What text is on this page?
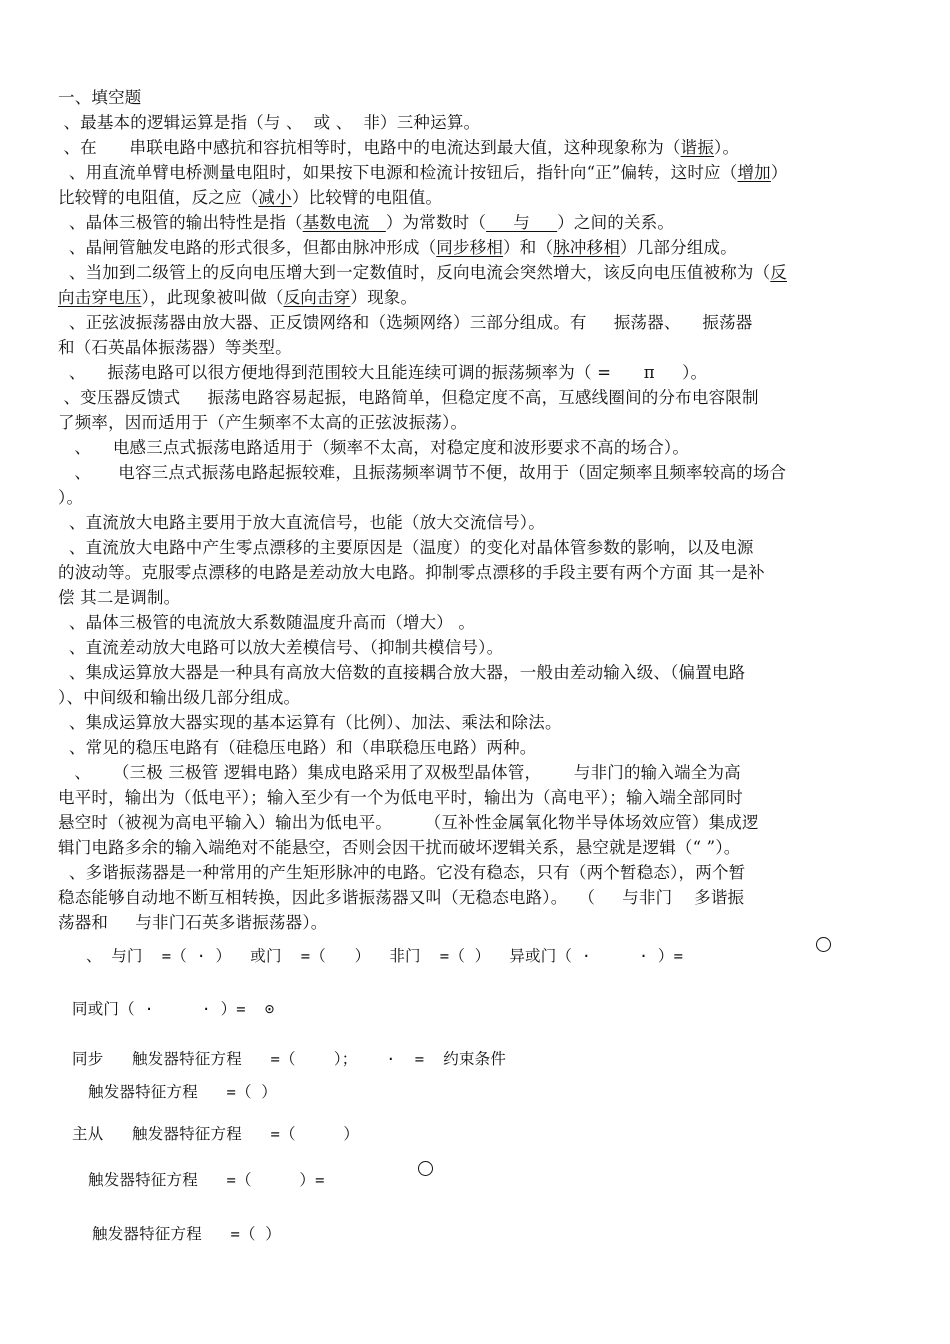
一、填空题
、最基本的逻辑运算是指（与 、  或 、  非）三种运算。
、在      串联电路中感抗和容抗相等时，电路中的电流达到最大值，这种现象称为（谐振）。
、用直流单臂电桥测量电阻时，如果按下电源和检流计按钮后，指针向“正”偏转，这时应（增加）
比较臂的电阻值，反之应（减小）比较臂的电阻值。
、晶体三极管的输出特性是指（基数电流   ）为常数时（     与     ）之间的关系。
、晶闸管触发电路的形式很多，但都由脉冲形成（同步移相）和（脉冲移相）几部分组成。
、当加到二级管上的反向电压增大到一定数值时，反向电流会突然增大，该反向电压值被称为（反
向击穿电压），此现象被叫做（反向击穿）现象。
、正弦波振荡器由放大器、正反馈网络和（选频网络）三部分组成。有     振荡器、    振荡器
和（石英晶体振荡器）等类型。
、    振荡电路可以很方便地得到范围较大且能连续可调的振荡频率为（ =      π     ）。
、变压器反馈式     振荡电路容易起振，电路简单，但稳定度不高，互感线圈间的分布电容限制
了频率，因而适用于（产生频率不太高的正弦波振荡）。
、    电感三点式振荡电路适用于（频率不太高，对稳定度和波形要求不高的场合）。
、     电容三点式振荡电路起振较难，且振荡频率调节不便，故用于（固定频率且频率较高的场合
）。
、直流放大电路主要用于放大直流信号，也能（放大交流信号）。
、直流放大电路中产生零点漂移的主要原因是（温度）的变化对晶体管参数的影响，以及电源
的波动等。克服零点漂移的电路是差动放大电路。抑制零点漂移的手段主要有两个方面 其一是补
偿 其二是调制。
、晶体三极管的电流放大系数随温度升高而（增大） 。
、直流差动放大电路可以放大差模信号、（抑制共模信号）。
、集成运算放大器是一种具有高放大倍数的直接耦合放大器，一般由差动输入级、（偏置电路
）、中间级和输出级几部分组成。
、集成运算放大器实现的基本运算有（比例）、加法、乘法和除法。
、常见的稳压电路有（硅稳压电路）和（串联稳压电路）两种。
、    （三极 三极管 逻辑电路）集成电路采用了双极型晶体管，      与非门的输入端全为高
电平时，输出为（低电平）；输入至少有一个为低电平时，输出为（高电平）；输入端全部同时
悬空时（被视为高电平输入）输出为低电平。      （互补性金属氧化物半导体场效应管）集成逻
辑门电路多余的输入端绝对不能悬空，否则会因干扰而破坏逻辑关系，悬空就是逻辑（“ ”）。
、多谐振荡器是一种常用的产生矩形脉冲的电路。它没有稳态，只有（两个暂稳态），两个暂
稳态能够自动地不断互相转换，因此多谐振荡器又叫（无稳态电路）。  （     与非门    多谐振
荡器和     与非门石英多谐振荡器）。
、 与门  =（ · ）  或门  =（   ）  非门  =（ ）  异或门（ ·     · ）=
同或门（ ·     · ）=  ⊙
同步   触发器特征方程   =（    ）；   ·  =  约束条件
触发器特征方程   =（ ）
主从   触发器特征方程   =（     ）
触发器特征方程   =（     ）=
触发器特征方程   =（ ）
